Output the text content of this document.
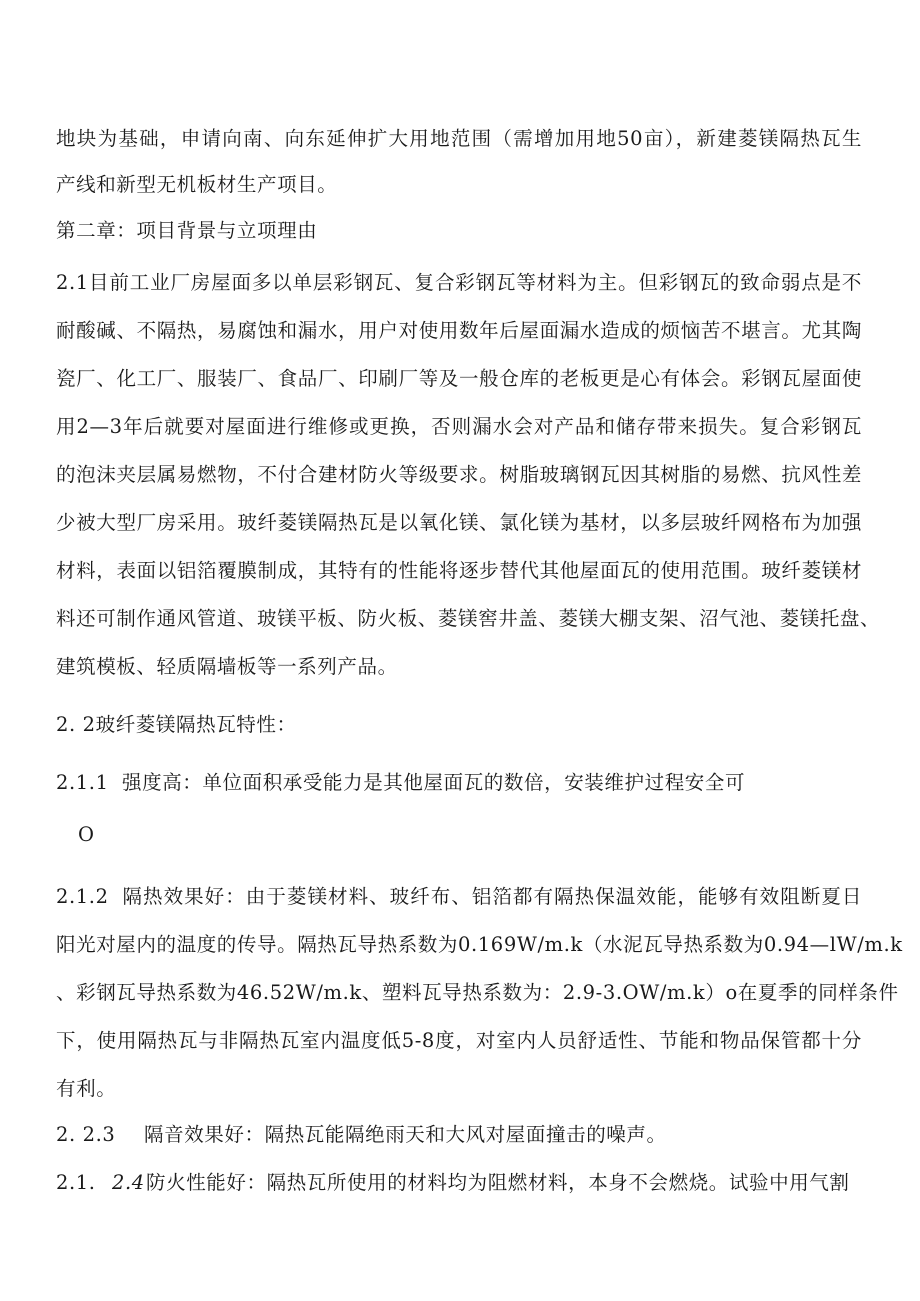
地块为基础，申请向南、向东延伸扩大用地范围（需增加用地50亩），新建菱镁隔热瓦生
产线和新型无机板材生产项目。
第二章：项目背景与立项理由
2.1目前工业厂房屋面多以单层彩钢瓦、复合彩钢瓦等材料为主。但彩钢瓦的致命弱点是不
耐酸碱、不隔热，易腐蚀和漏水，用户对使用数年后屋面漏水造成的烦恼苦不堪言。尤其陶
瓷厂、化工厂、服装厂、食品厂、印刷厂等及一般仓库的老板更是心有体会。彩钢瓦屋面使
用2—3年后就要对屋面进行维修或更换，否则漏水会对产品和储存带来损失。复合彩钢瓦
的泡沫夹层属易燃物，不付合建材防火等级要求。树脂玻璃钢瓦因其树脂的易燃、抗风性差
少被大型厂房采用。玻纤菱镁隔热瓦是以氧化镁、氯化镁为基材，以多层玻纤网格布为加强
材料，表面以铝箔覆膜制成，其特有的性能将逐步替代其他屋面瓦的使用范围。玻纤菱镁材
料还可制作通风管道、玻镁平板、防火板、菱镁窖井盖、菱镁大棚支架、沼气池、菱镁托盘、
建筑模板、轻质隔墙板等一系列产品。
2. 2玻纤菱镁隔热瓦特性：
2.1.1 强度高：单位面积承受能力是其他屋面瓦的数倍，安装维护过程安全可
O
2.1.2 隔热效果好：由于菱镁材料、玻纤布、铝箔都有隔热保温效能，能够有效阻断夏日
阳光对屋内的温度的传导。隔热瓦导热系数为0.169W/m.k（水泥瓦导热系数为0.94—lW/m.k
、彩钢瓦导热系数为46.52W/m.k、塑料瓦导热系数为：2.9-3.OW/m.k）o在夏季的同样条件
下，使用隔热瓦与非隔热瓦室内温度低5-8度，对室内人员舒适性、节能和物品保管都十分
有利。
2. 2.3 隔音效果好：隔热瓦能隔绝雨天和大风对屋面撞击的噪声。
2.1. 2.4防火性能好：隔热瓦所使用的材料均为阻燃材料，本身不会燃烧。试验中用气割
